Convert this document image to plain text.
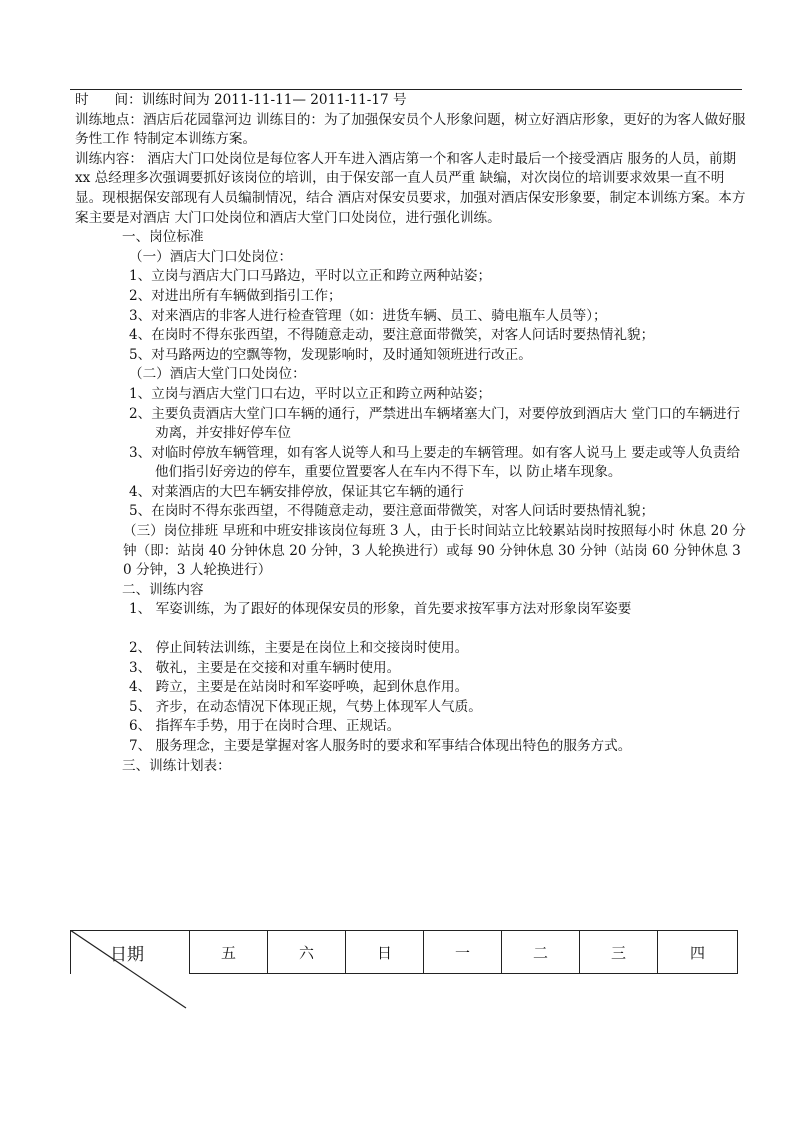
时      间：训练时间为 2011-11-11— 2011-11-17 号

训练地点：酒店后花园靠河边 训练目的：为了加强保安员个人形象问题，树立好酒店形象，更好的为客人做好服务性工作 特制定本训练方案。

训练内容： 酒店大门口处岗位是每位客人开车进入酒店第一个和客人走时最后一个接受酒店 服务的人员，前期 xx 总经理多次强调要抓好该岗位的培训，由于保安部一直人员严重 缺编，对次岗位的培训要求效果一直不明显。现根据保安部现有人员编制情况，结合 酒店对保安员要求，加强对酒店保安形象要，制定本训练方案。本方案主要是对酒店 大门口处岗位和酒店大堂门口处岗位，进行强化训练。

一、岗位标准

（一）酒店大门口处岗位：

1、立岗与酒店大门口马路边，平时以立正和跨立两种站姿；

2、对进出所有车辆做到指引工作；

3、对来酒店的非客人进行检查管理（如：进货车辆、员工、骑电瓶车人员等）；

4、在岗时不得东张西望，不得随意走动，要注意面带微笑，对客人问话时要热情礼貌；

5、对马路两边的空飘等物，发现影响时，及时通知领班进行改正。

（二）酒店大堂门口处岗位：

1、立岗与酒店大堂门口右边，平时以立正和跨立两种站姿；

2、主要负责酒店大堂门口车辆的通行，严禁进出车辆堵塞大门，对要停放到酒店大 堂门口的车辆进行劝离，并安排好停车位

3、对临时停放车辆管理，如有客人说等人和马上要走的车辆管理。如有客人说马上 要走或等人负责给他们指引好旁边的停车，重要位置要客人在车内不得下车，以 防止堵车现象。

4、对莱酒店的大巴车辆安排停放，保证其它车辆的通行

5、在岗时不得东张西望，不得随意走动，要注意面带微笑，对客人问话时要热情礼貌；

（三）岗位排班 早班和中班安排该岗位每班 3 人，由于长时间站立比较累站岗时按照每小时 休息 20 分钟（即：站岗 40 分钟休息 20 分钟，3 人轮换进行）或每 90 分钟休息 30 分钟（站岗 60 分钟休息 30 分钟，3 人轮换进行）

二、训练内容

1、 军姿训练，为了跟好的体现保安员的形象，首先要求按军事方法对形象岗军姿要

2、 停止间转法训练，主要是在岗位上和交接岗时使用。

3、 敬礼，主要是在交接和对重车辆时使用。

4、 跨立，主要是在站岗时和军姿呼唤，起到休息作用。

5、 齐步，在动态情况下体现正规，气势上体现军人气质。

6、 指挥车手势，用于在岗时合理、正规话。

7、 服务理念，主要是掌握对客人服务时的要求和军事结合体现出特色的服务方式。

三、训练计划表：

日期	五	六	日	一	二	三	四
